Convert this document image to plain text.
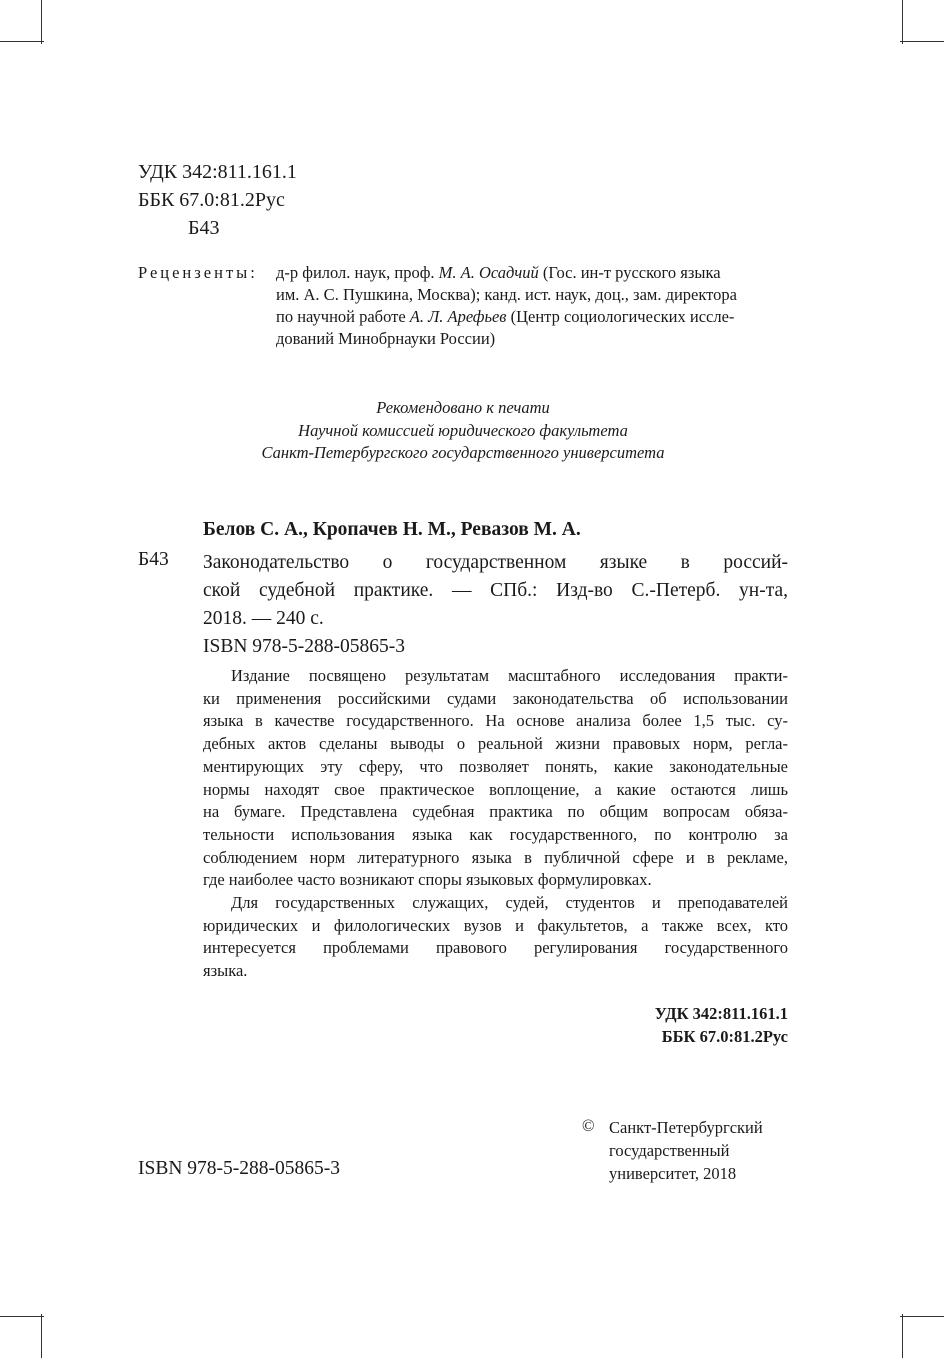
УДК 342:811.161.1
ББК 67.0:81.2Рус
Б43
Рецензенты: д-р филол. наук, проф. М. А. Осадчий (Гос. ин-т русского языка

им. А. С. Пушкина, Москва); канд. ист. наук, доц., зам. директора

по научной работе А. Л. Арефьев (Центр социологических иссле-

дований Минобрнауки России)

Рекомендовано к печати

Научной комиссией юридического факультета

Санкт-Петербургского государственного университета

Белов С. А., Кропачев Н. М., Ревазов М. А.
Б43 Законодательство о государственном языке в россий-

ской судебной практике. — СПб.: Изд-во С.-Петерб. ун-та,

2018. — 240 с.

ISBN 978-5-288-05865-3

Издание посвящено результатам масштабного исследования практи-

ки применения российскими судами законодательства об использовании

языка в качестве государственного. На основе анализа более 1,5 тыс. су-

дебных актов сделаны выводы о реальной жизни правовых норм, регла-

ментирующих эту сферу, что позволяет понять, какие законодательные

нормы находят свое практическое воплощение, а какие остаются лишь

на бумаге. Представлена судебная практика по общим вопросам обяза-

тельности использования языка как государственного, по контролю за

соблюдением норм литературного языка в публичной сфере и в рекламе,

где наиболее часто возникают споры языковых формулировках.

Для государственных служащих, судей, студентов и преподавателей

юридических и филологических вузов и факультетов, а также всех, кто

интересуется проблемами правового регулирования государственного

языка.

УДК 342:811.161.1

ББК 67.0:81.2Рус

ISBN 978-5-288-05865-3
© Санкт-Петербургский

государственный

университет, 2018
